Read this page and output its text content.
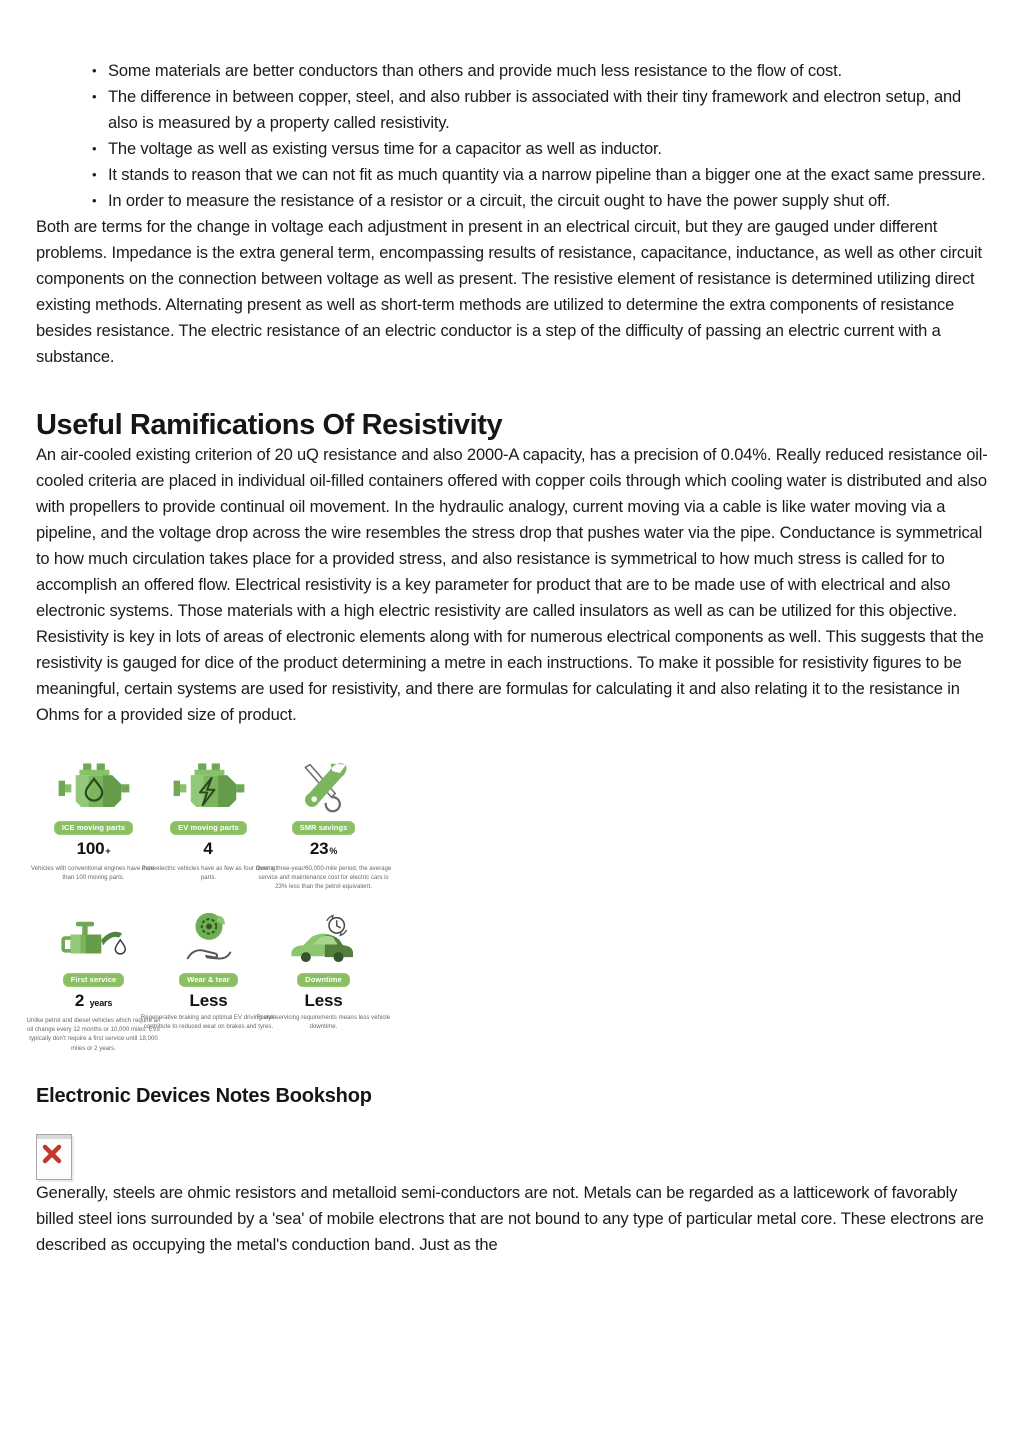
• Some materials are better conductors than others and provide much less resistance to the flow of cost.
• The difference in between copper, steel, and also rubber is associated with their tiny framework and electron setup, and also is measured by a property called resistivity.
• The voltage as well as existing versus time for a capacitor as well as inductor.
• It stands to reason that we can not fit as much quantity via a narrow pipeline than a bigger one at the exact same pressure.
• In order to measure the resistance of a resistor or a circuit, the circuit ought to have the power supply shut off.

Both are terms for the change in voltage each adjustment in present in an electrical circuit, but they are gauged under different problems. Impedance is the extra general term, encompassing results of resistance, capacitance, inductance, as well as other circuit components on the connection between voltage as well as present. The resistive element of resistance is determined utilizing direct existing methods. Alternating present as well as short-term methods are utilized to determine the extra components of resistance besides resistance. The electric resistance of an electric conductor is a step of the difficulty of passing an electric current with a substance.

Useful Ramifications Of Resistivity

An air-cooled existing criterion of 20 uQ resistance and also 2000-A capacity, has a precision of 0.04%. Really reduced resistance oil-cooled criteria are placed in individual oil-filled containers offered with copper coils through which cooling water is distributed and also with propellers to provide continual oil movement. In the hydraulic analogy, current moving via a cable is like water moving via a pipeline, and the voltage drop across the wire resembles the stress drop that pushes water via the pipe. Conductance is symmetrical to how much circulation takes place for a provided stress, and also resistance is symmetrical to how much stress is called for to accomplish an offered flow. Electrical resistivity is a key parameter for product that are to be made use of with electrical and also electronic systems. Those materials with a high electric resistivity are called insulators as well as can be utilized for this objective.

Resistivity is key in lots of areas of electronic elements along with for numerous electrical components as well. This suggests that the resistivity is gauged for dice of the product determining a metre in each instructions. To make it possible for resistivity figures to be meaningful, certain systems are used for resistivity, and there are formulas for calculating it and also relating it to the resistance in Ohms for a provided size of product.

ICE moving parts
100+
Vehicles with conventional engines have more than 100 moving parts.
EV moving parts
4
Pure electric vehicles have as few as four moving parts.
SMR savings
23%
Over a three-year/60,000-mile period, the average service and maintenance cost for electric cars is 23% less than the petrol equivalent.
First service
2 years
Unlike petrol and diesel vehicles which require an oil change every 12 months or 10,000 miles. EVs typically don't require a first service until 18,000 miles or 2 years.
Wear & tear
Less
Regenerative braking and optimal EV driving style contribute to reduced wear on brakes and tyres.
Downtime
Less
Fewer servicing requirements means less vehicle downtime.
Electronic Devices Notes Bookshop

Generally, steels are ohmic resistors and metalloid semi-conductors are not. Metals can be regarded as a latticework of favorably billed steel ions surrounded by a 'sea' of mobile electrons that are not bound to any type of particular metal core. These electrons are described as occupying the metal's conduction band. Just as the
